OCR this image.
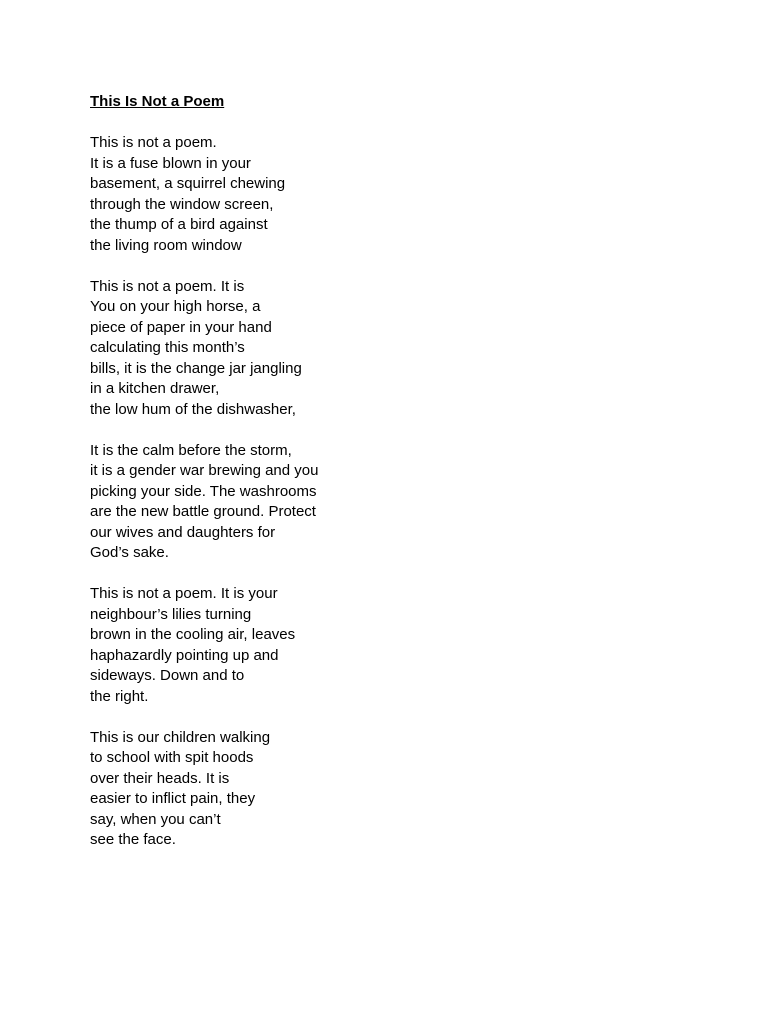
This Is Not a Poem
This is not a poem.
It is a fuse blown in your
basement, a squirrel chewing
through the window screen,
the thump of a bird against
the living room window
This is not a poem. It is
You on your high horse, a
piece of paper in your hand
calculating this month’s
bills, it is the change jar jangling
in a kitchen drawer,
the low hum of the dishwasher,
It is the calm before the storm,
it is a gender war brewing and you
picking your side. The washrooms
are the new battle ground. Protect
our wives and daughters for
God’s sake.
This is not a poem. It is your
neighbour’s lilies turning
brown in the cooling air, leaves
haphazardly pointing up and
sideways. Down and to
the right.
This is our children walking
to school with spit hoods
over their heads. It is
easier to inflict pain, they
say, when you can’t
see the face.
